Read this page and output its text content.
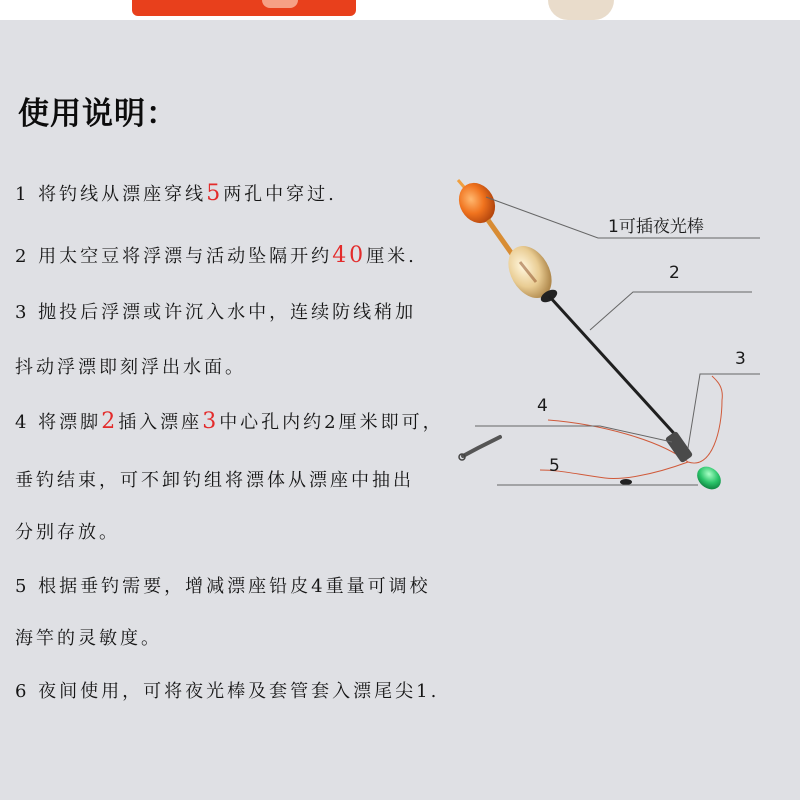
使用说明：
1 将钓线从漂座穿线5两孔中穿过.
2 用太空豆将浮漂与活动坠隔开约40厘米.
3 抛投后浮漂或许沉入水中，连续防线稍加
抖动浮漂即刻浮出水面。
4 将漂脚2插入漂座3中心孔内约2厘米即可，
垂钓结束，可不卸钓组将漂体从漂座中抽出
分别存放。
5 根据垂钓需要，增减漂座铅皮4重量可调校
海竿的灵敏度。
6 夜间使用，可将夜光棒及套管套入漂尾尖1.
1可插夜光棒
2
3
4
5
